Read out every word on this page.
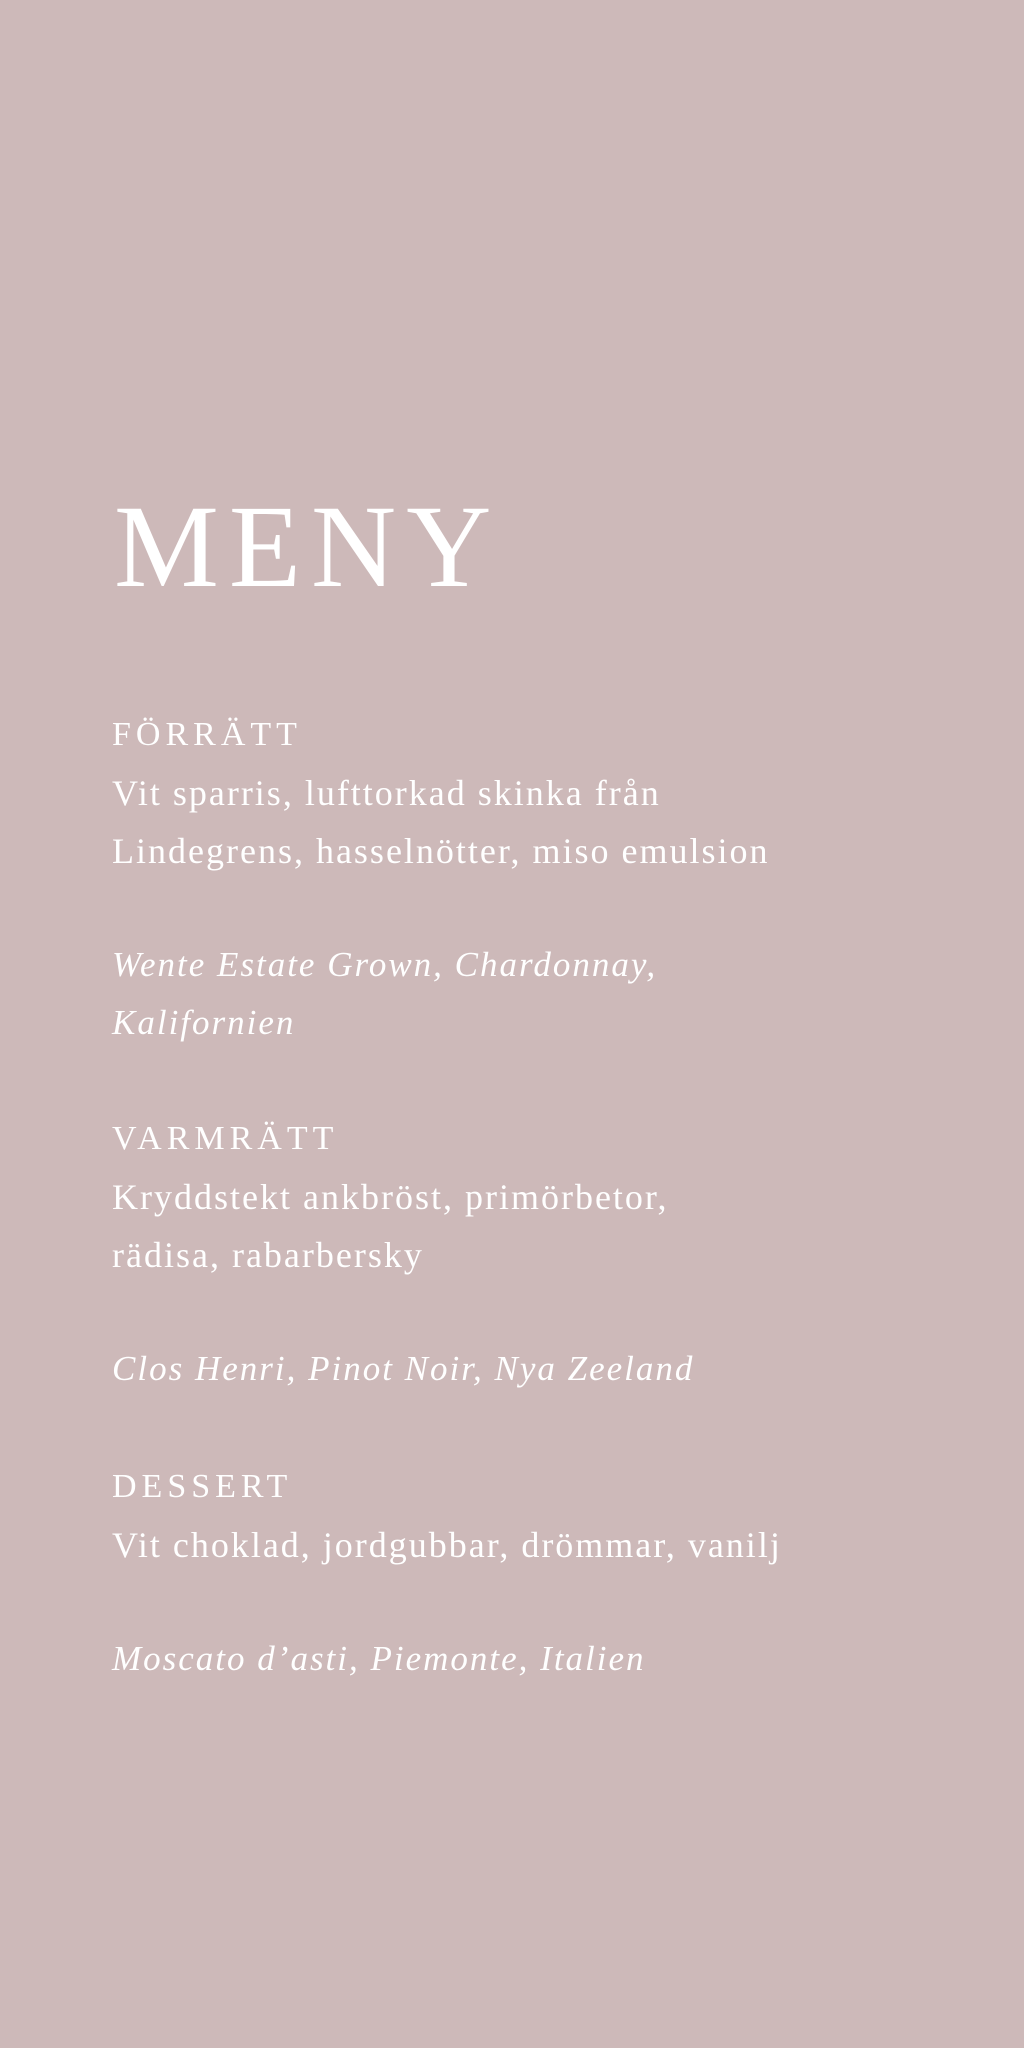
MENY

FÖRRÄTT

Vit sparris, lufttorkad skinka från

Lindegrens, hasselnötter, miso emulsion

Wente Estate Grown, Chardonnay,

Kalifornien

VARMRÄTT

Kryddstekt ankbröst, primörbetor,

rädisa, rabarbersky

Clos Henri, Pinot Noir, Nya Zeeland

DESSERT

Vit choklad, jordgubbar, drömmar, vanilj

Moscato d’asti, Piemonte, Italien
